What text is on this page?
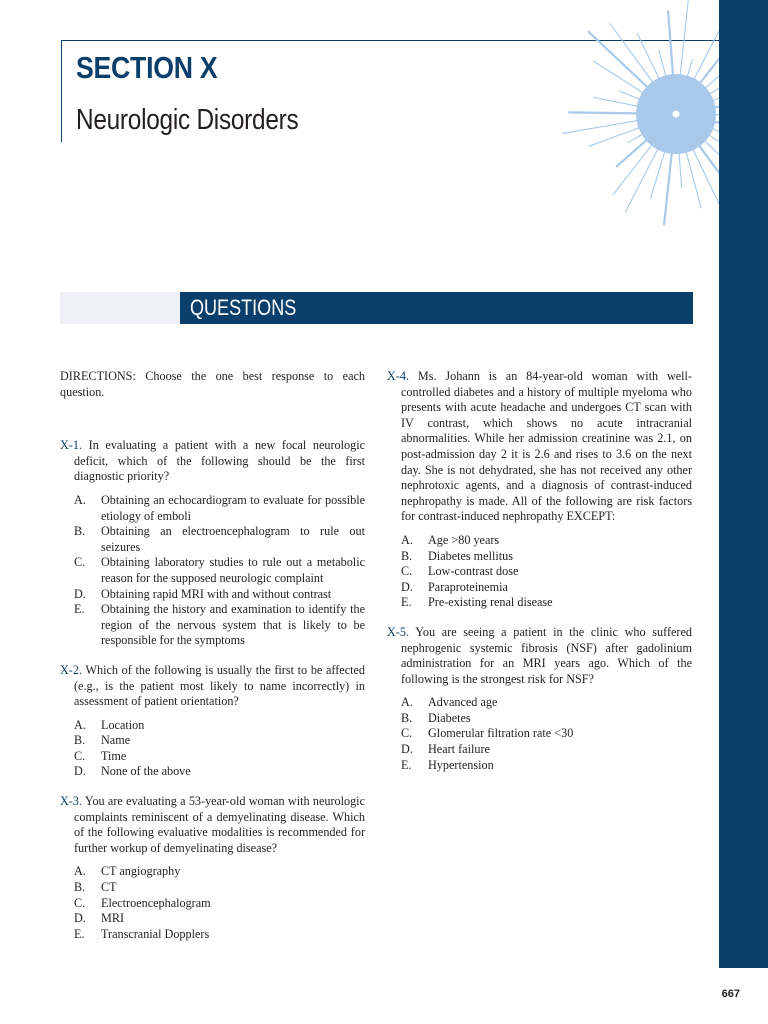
SECTION X
Neurologic Disorders
QUESTIONS

DIRECTIONS: Choose the one best response to each question.

X-1. In evaluating a patient with a new focal neurologic deficit, which of the following should be the first diagnostic priority?

A.	Obtaining an echocardiogram to evaluate for possible etiology of emboli
B.	Obtaining an electroencephalogram to rule out seizures
C.	Obtaining laboratory studies to rule out a metabolic reason for the supposed neurologic complaint
D.	Obtaining rapid MRI with and without contrast
E.	Obtaining the history and examination to identify the region of the nervous system that is likely to be responsible for the symptoms

X-2. Which of the following is usually the first to be affected (e.g., is the patient most likely to name incorrectly) in assessment of patient orientation?

A.	Location
B.	Name
C.	Time
D.	None of the above

X-3. You are evaluating a 53-year-old woman with neurologic complaints reminiscent of a demyelinating disease. Which of the following evaluative modalities is recommended for further workup of demyelinating disease?

A.	CT angiography
B.	CT
C.	Electroencephalogram
D.	MRI
E.	Transcranial Dopplers

X-4. Ms. Johann is an 84-year-old woman with well-controlled diabetes and a history of multiple myeloma who presents with acute headache and undergoes CT scan with IV contrast, which shows no acute intracranial abnormalities. While her admission creatinine was 2.1, on post-admission day 2 it is 2.6 and rises to 3.6 on the next day. She is not dehydrated, she has not received any other nephrotoxic agents, and a diagnosis of contrast-induced nephropathy is made. All of the following are risk factors for contrast-induced nephropathy EXCEPT:

A.	Age >80 years
B.	Diabetes mellitus
C.	Low-contrast dose
D.	Paraproteinemia
E.	Pre-existing renal disease

X-5. You are seeing a patient in the clinic who suffered nephrogenic systemic fibrosis (NSF) after gadolinium administration for an MRI years ago. Which of the following is the strongest risk for NSF?

A.	Advanced age
B.	Diabetes
C.	Glomerular filtration rate <30
D.	Heart failure
E.	Hypertension
667
